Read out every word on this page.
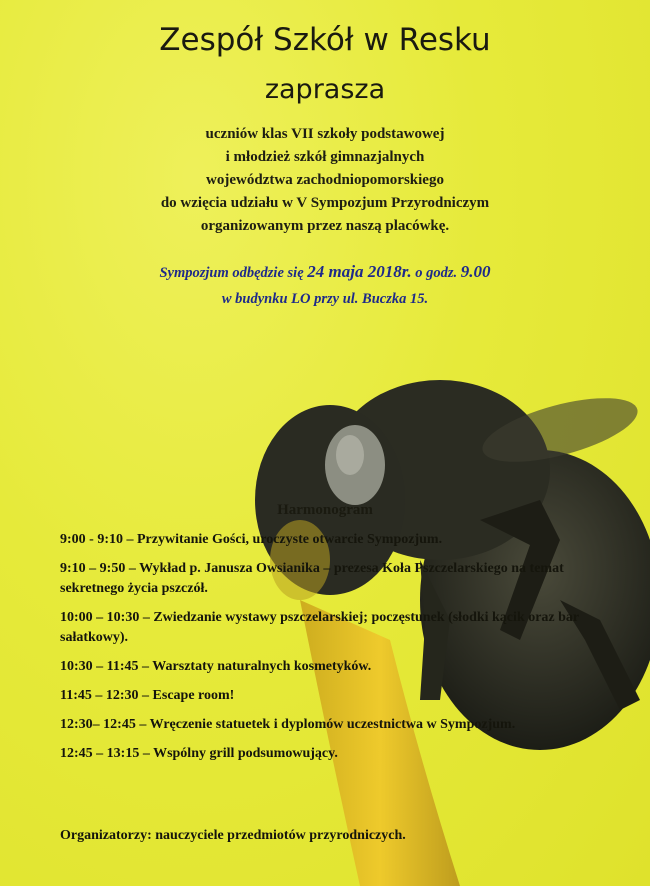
Zespół Szkół w Resku
zaprasza
uczniów klas VII szkoły podstawowej
i młodzież szkół gimnazjalnych
województwa zachodniopomorskiego
do wzięcia udziału w V Sympozjum Przyrodniczym
organizowanym przez naszą placówkę.
Sympozjum odbędzie się 24 maja 2018r. o godz. 9.00
w budynku LO przy ul. Buczka 15.
Harmonogram
9:00 - 9:10 – Przywitanie Gości, uroczyste otwarcie Sympozjum.
9:10 – 9:50 – Wykład p. Janusza Owsianika – prezesa Koła Pszczelarskiego na temat sekretnego życia pszczół.
10:00 – 10:30 – Zwiedzanie wystawy pszczelarskiej; poczęstunek (słodki kącik oraz bar sałatkowy).
10:30 – 11:45 – Warsztaty naturalnych kosmetyków.
11:45 – 12:30 – Escape room!
12:30– 12:45 – Wręczenie statuetek i dyplomów uczestnictwa w Sympozjum.
12:45 – 13:15 – Wspólny grill podsumowujący.
Organizatorzy: nauczyciele przedmiotów przyrodniczych.
